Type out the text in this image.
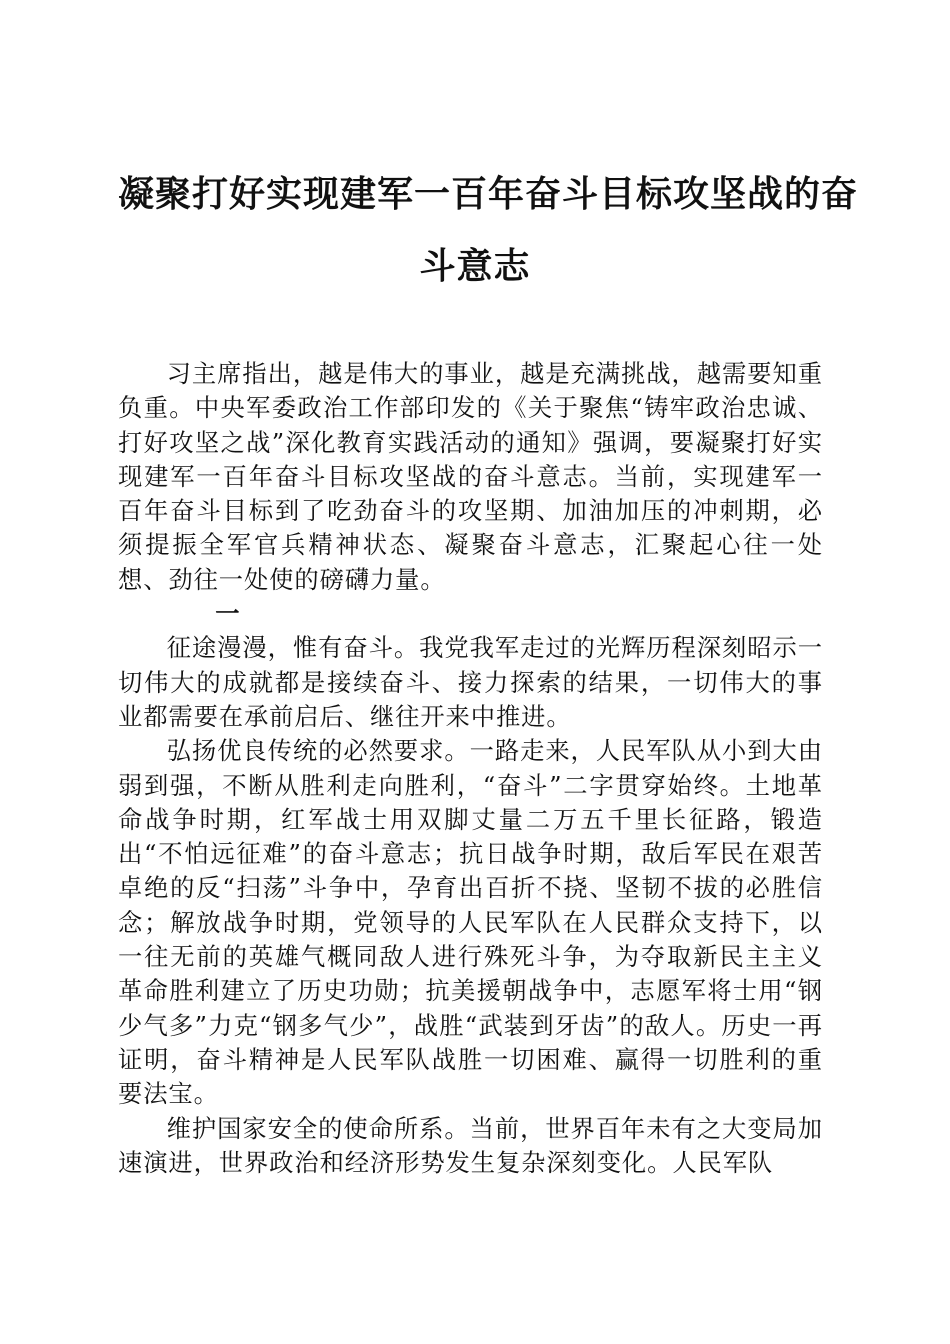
凝聚打好实现建军一百年奋斗目标攻坚战的奋
斗意志

习主席指出，越是伟大的事业，越是充满挑战，越需要知重负重。中央军委政治工作部印发的《关于聚焦“铸牢政治忠诚、打好攻坚之战”深化教育实践活动的通知》强调，要凝聚打好实现建军一百年奋斗目标攻坚战的奋斗意志。当前，实现建军一百年奋斗目标到了吃劲奋斗的攻坚期、加油加压的冲刺期，必须提振全军官兵精神状态、凝聚奋斗意志，汇聚起心往一处想、劲往一处使的磅礴力量。

一

征途漫漫，惟有奋斗。我党我军走过的光辉历程深刻昭示一切伟大的成就都是接续奋斗、接力探索的结果，一切伟大的事业都需要在承前启后、继往开来中推进。

弘扬优良传统的必然要求。一路走来，人民军队从小到大由弱到强，不断从胜利走向胜利，“奋斗”二字贯穿始终。土地革命战争时期，红军战士用双脚丈量二万五千里长征路，锻造出“不怕远征难”的奋斗意志；抗日战争时期，敌后军民在艰苦卓绝的反“扫荡”斗争中，孕育出百折不挠、坚韧不拔的必胜信念；解放战争时期，党领导的人民军队在人民群众支持下，以一往无前的英雄气概同敌人进行殊死斗争，为夺取新民主主义革命胜利建立了历史功勋；抗美援朝战争中，志愿军将士用“钢少气多”力克“钢多气少”，战胜“武装到牙齿”的敌人。历史一再证明，奋斗精神是人民军队战胜一切困难、赢得一切胜利的重要法宝。

维护国家安全的使命所系。当前，世界百年未有之大变局加速演进，世界政治和经济形势发生复杂深刻变化。人民军队
